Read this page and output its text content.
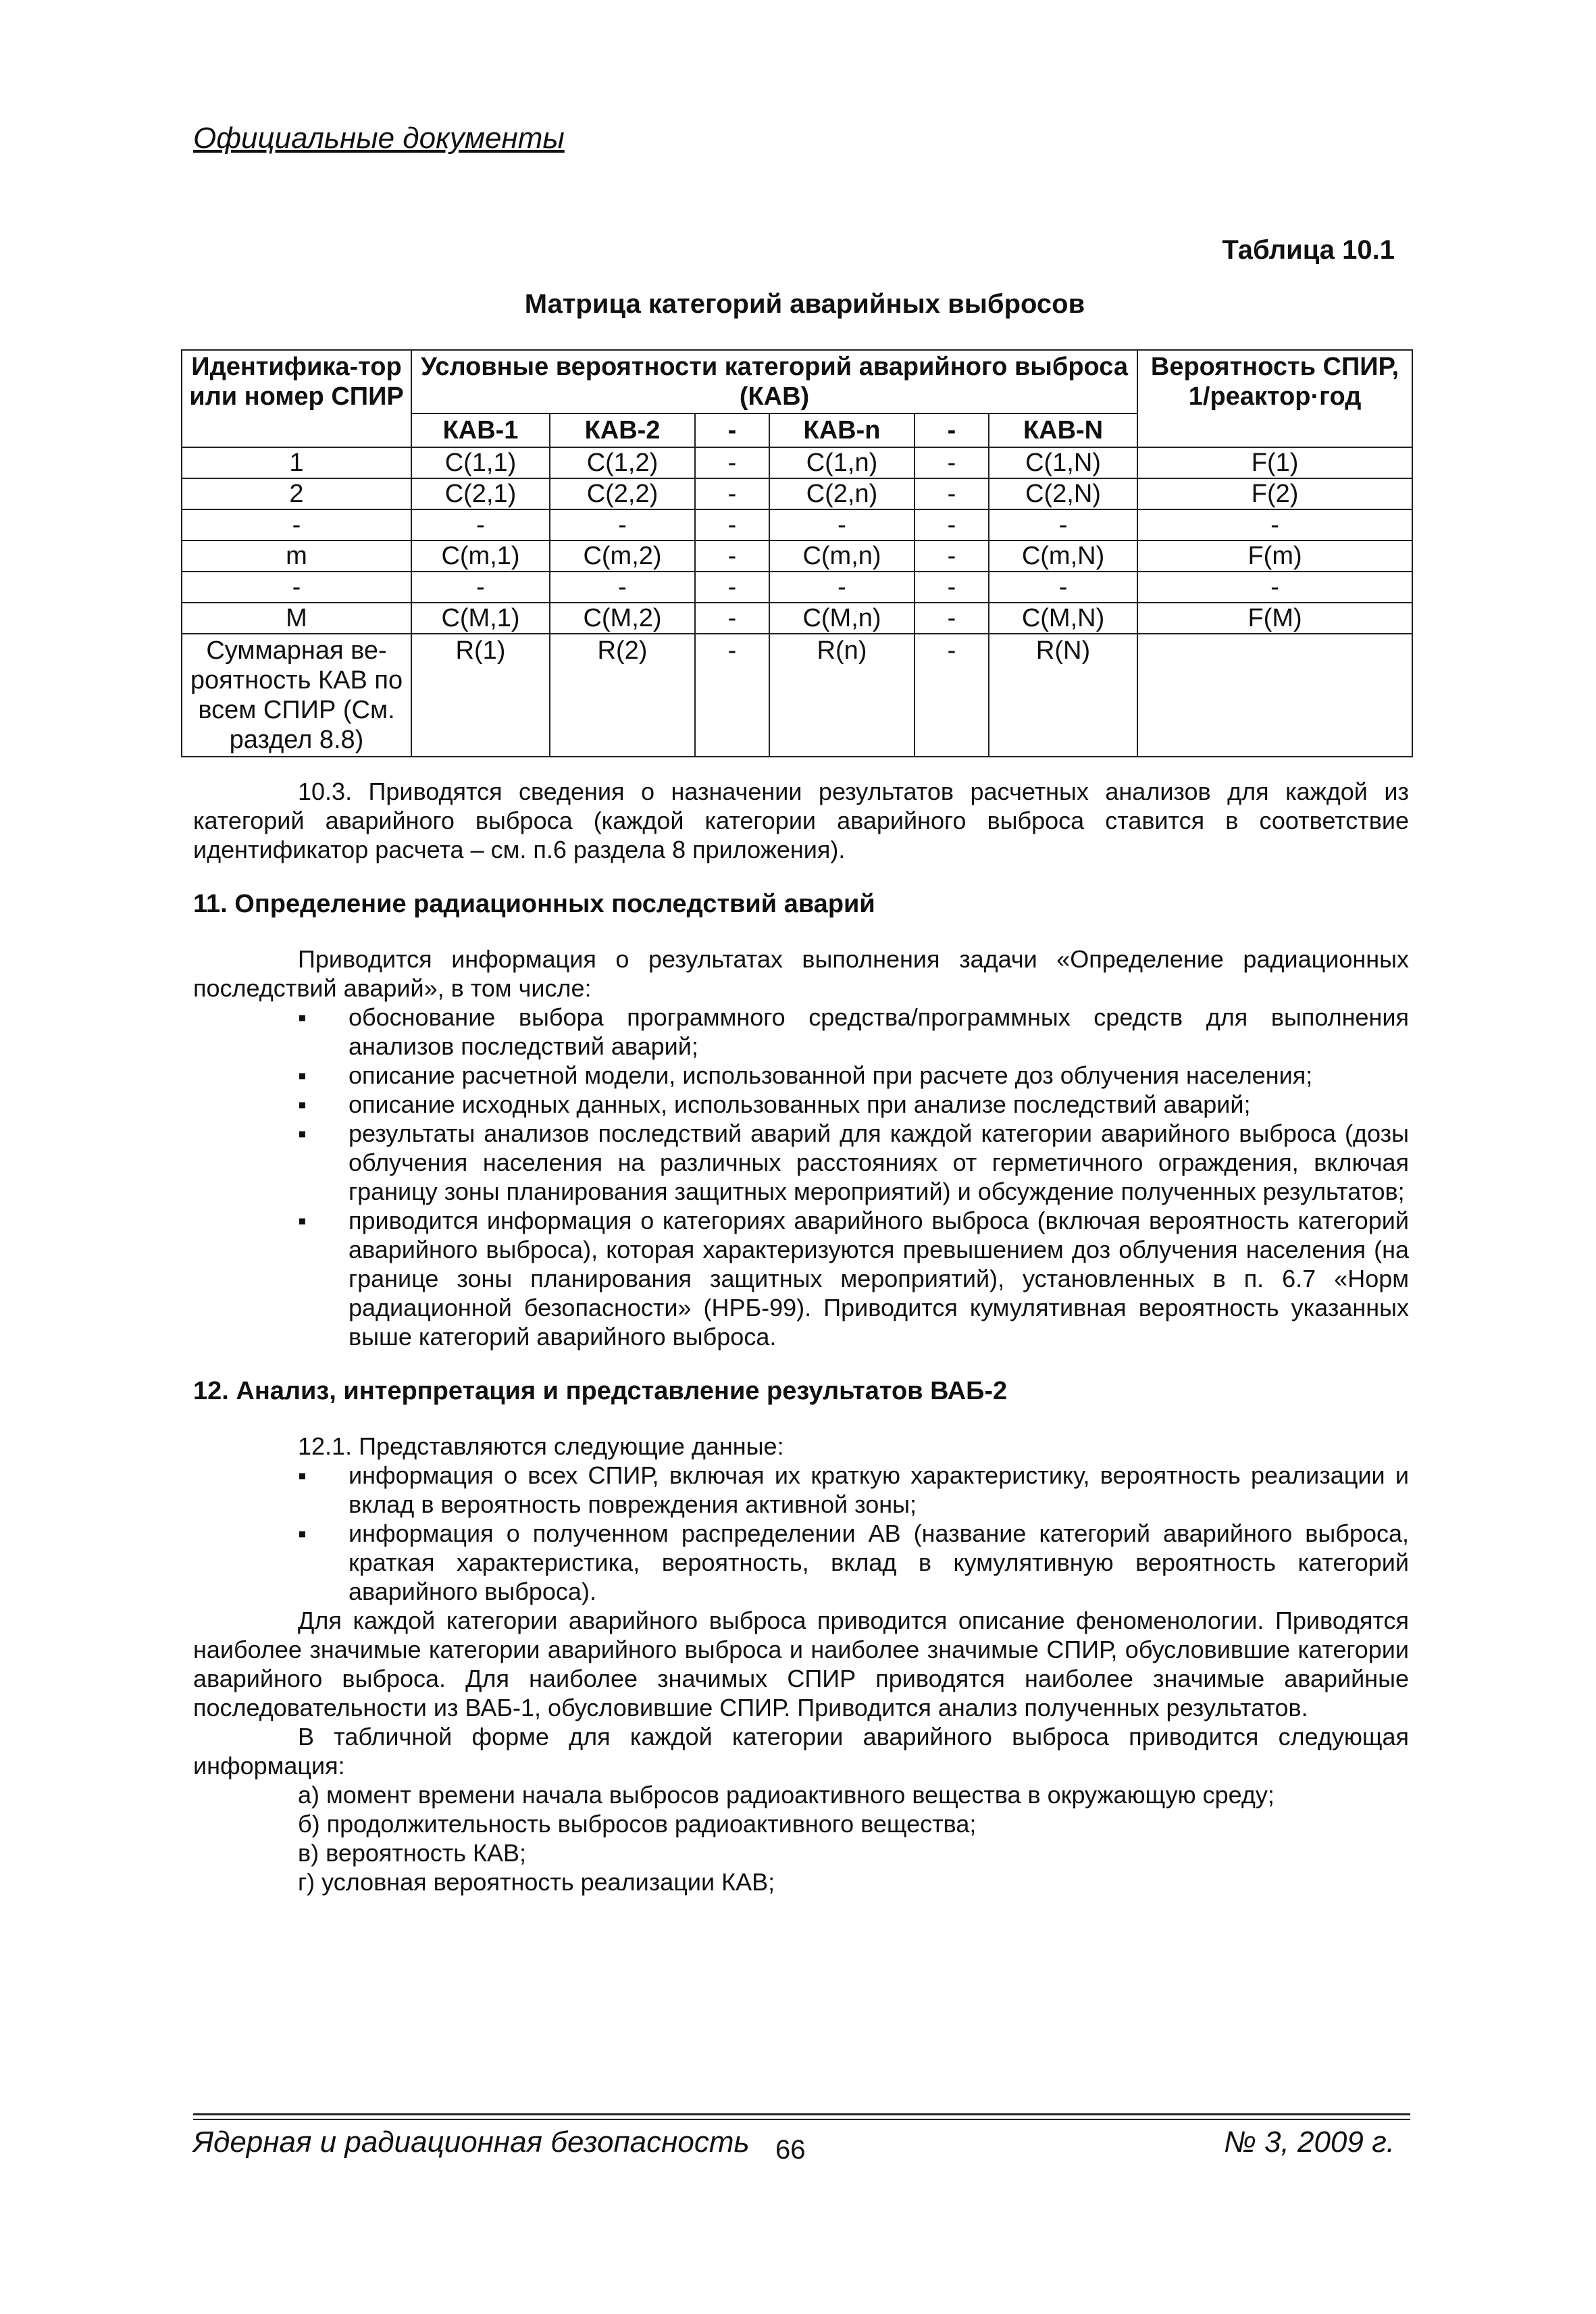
Официальные документы
Таблица 10.1
Матрица категорий аварийных выбросов
Идентифика-тор или номер СПИР	Условные вероятности категорий аварийного выброса (КАВ)						Вероятность СПИР, 1/реактор·год
	КАВ-1	КАВ-2	-	КАВ-n	-	КАВ-N	
1	С(1,1)	С(1,2)	-	С(1,n)	-	С(1,N)	F(1)
2	С(2,1)	С(2,2)	-	С(2,n)	-	С(2,N)	F(2)
-	-	-	-	-	-	-	-
m	С(m,1)	С(m,2)	-	С(m,n)	-	С(m,N)	F(m)
-	-	-	-	-	-	-	-
M	С(M,1)	С(M,2)	-	С(M,n)	-	С(M,N)	F(M)
Суммарная ве-роятность КАВ по всем СПИР (См. раздел 8.8)	R(1)	R(2)	-	R(n)	-	R(N)	

10.3. Приводятся сведения о назначении результатов расчетных анализов для каждой из категорий аварийного выброса (каждой категории аварийного выброса ставится в соответствие идентификатор расчета – см. п.6 раздела 8 приложения).

11. Определение радиационных последствий аварий

Приводится информация о результатах выполнения задачи «Определение радиационных последствий аварий», в том числе:

▪	обоснование выбора программного средства/программных средств для выполнения анализов последствий аварий;
▪	описание расчетной модели, использованной при расчете доз облучения населения;
▪	описание исходных данных, использованных при анализе последствий аварий;
▪	результаты анализов последствий аварий для каждой категории аварийного выброса (дозы облучения населения на различных расстояниях от герметичного ограждения, включая границу зоны планирования защитных мероприятий) и обсуждение полученных результатов;
▪	приводится информация о категориях аварийного выброса (включая вероятность категорий аварийного выброса), которая характеризуются превышением доз облучения населения (на границе зоны планирования защитных мероприятий), установленных в п. 6.7 «Норм радиационной безопасности» (НРБ-99). Приводится кумулятивная вероятность указанных выше категорий аварийного выброса.

12. Анализ, интерпретация и представление результатов ВАБ-2

12.1. Представляются следующие данные:

▪	информация о всех СПИР, включая их краткую характеристику, вероятность реализации и вклад в вероятность повреждения активной зоны;
▪	информация о полученном распределении АВ (название категорий аварийного выброса, краткая характеристика, вероятность, вклад в кумулятивную вероятность категорий аварийного выброса).

Для каждой категории аварийного выброса приводится описание феноменологии. Приводятся наиболее значимые категории аварийного выброса и наиболее значимые СПИР, обусловившие категории аварийного выброса. Для наиболее значимых СПИР приводятся наиболее значимые аварийные последовательности из ВАБ-1, обусловившие СПИР. Приводится анализ полученных результатов.

В табличной форме для каждой категории аварийного выброса приводится следующая информация:

а) момент времени начала выбросов радиоактивного вещества в окружающую среду;

б) продолжительность выбросов радиоактивного вещества;

в) вероятность КАВ;

г) условная вероятность реализации КАВ;

Ядерная и радиационная безопасность 66	№ 3, 2009 г.
